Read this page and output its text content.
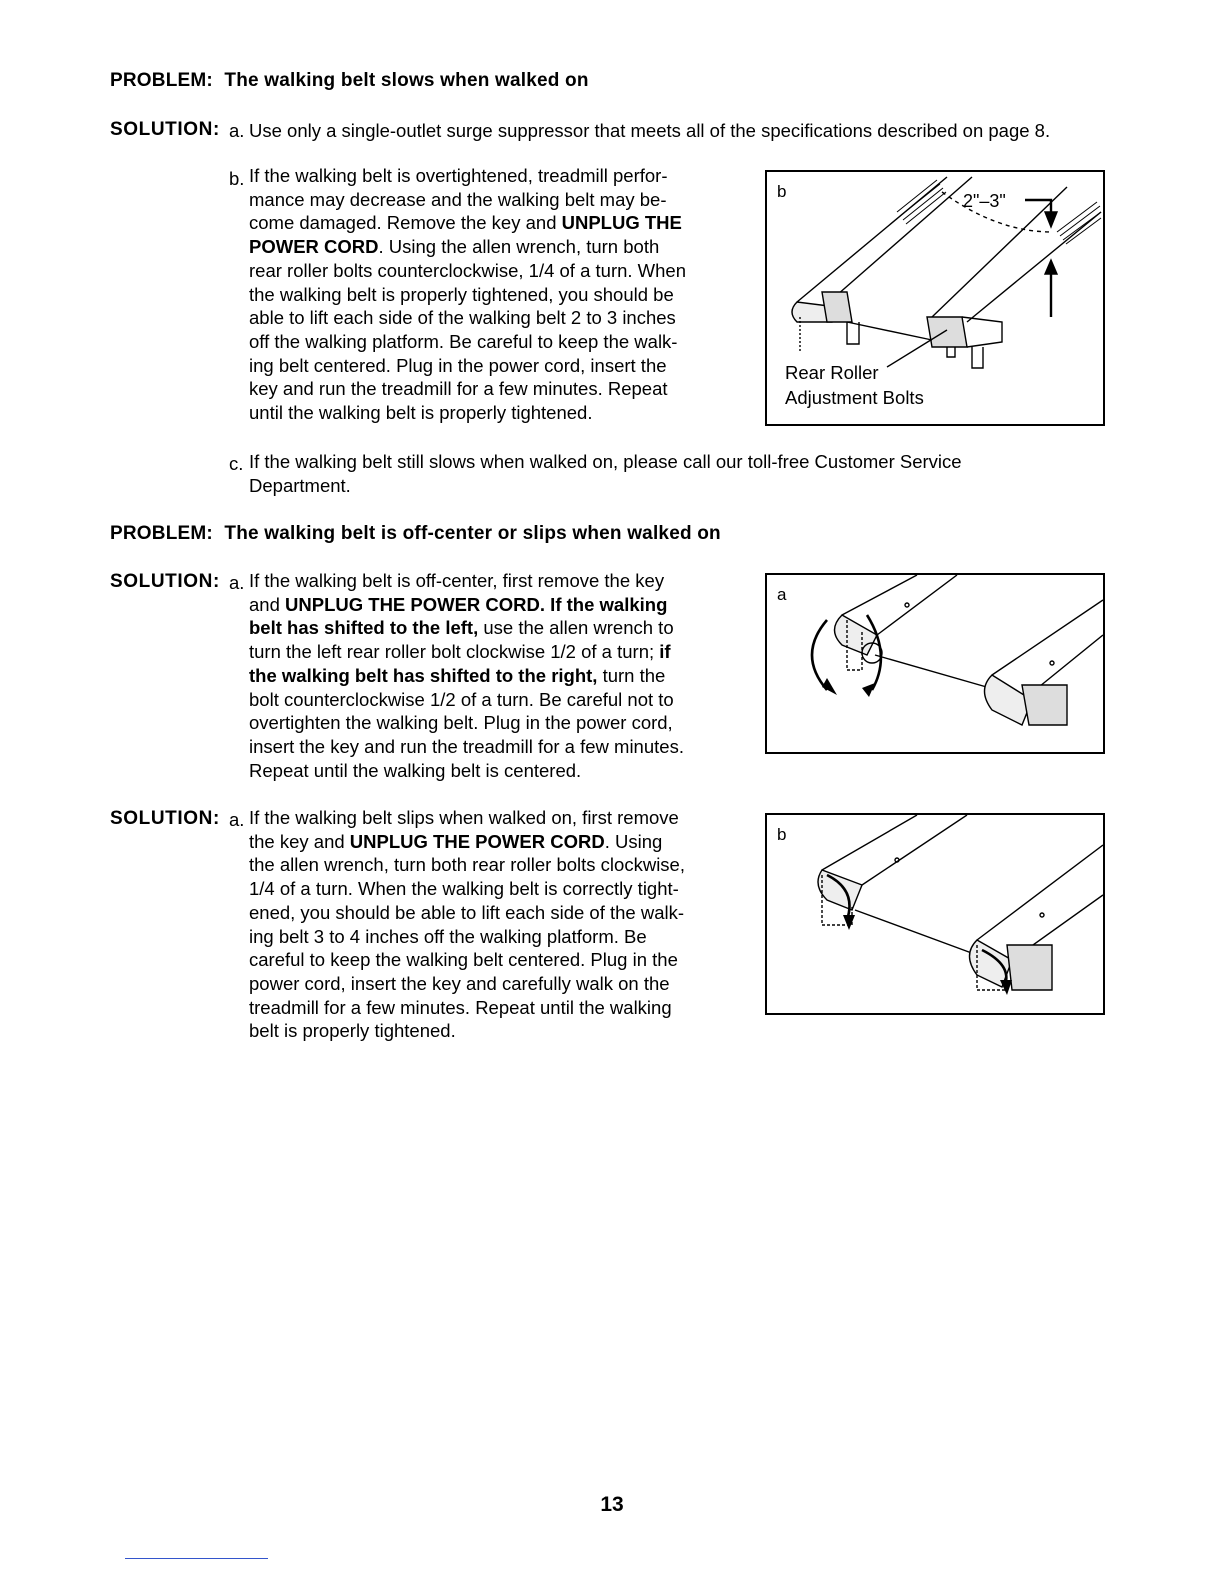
PROBLEM: The walking belt slows when walked on
SOLUTION: a. Use only a single-outlet surge suppressor that meets all of the specifications described on page 8.
b. If the walking belt is overtightened, treadmill perfor-
mance may decrease and the walking belt may be-
come damaged. Remove the key and UNPLUG THE
POWER CORD. Using the allen wrench, turn both
rear roller bolts counterclockwise, 1/4 of a turn. When
the walking belt is properly tightened, you should be
able to lift each side of the walking belt 2 to 3 inches
off the walking platform. Be careful to keep the walk-
ing belt centered. Plug in the power cord, insert the
key and run the treadmill for a few minutes. Repeat
until the walking belt is properly tightened.
b	2"–3"
Rear Roller
Adjustment Bolts
c. If the walking belt still slows when walked on, please call our toll-free Customer Service
Department.
PROBLEM: The walking belt is off-center or slips when walked on
SOLUTION: a. If the walking belt is off-center, first remove the key
and UNPLUG THE POWER CORD. If the walking
belt has shifted to the left, use the allen wrench to
turn the left rear roller bolt clockwise 1/2 of a turn; if
the walking belt has shifted to the right, turn the
bolt counterclockwise 1/2 of a turn. Be careful not to
overtighten the walking belt. Plug in the power cord,
insert the key and run the treadmill for a few minutes.
Repeat until the walking belt is centered.
a
SOLUTION: a. If the walking belt slips when walked on, first remove
the key and UNPLUG THE POWER CORD. Using
the allen wrench, turn both rear roller bolts clockwise,
1/4 of a turn. When the walking belt is correctly tight-
ened, you should be able to lift each side of the walk-
ing belt 3 to 4 inches off the walking platform. Be
careful to keep the walking belt centered. Plug in the
power cord, insert the key and carefully walk on the
treadmill for a few minutes. Repeat until the walking
belt is properly tightened.
b
13
